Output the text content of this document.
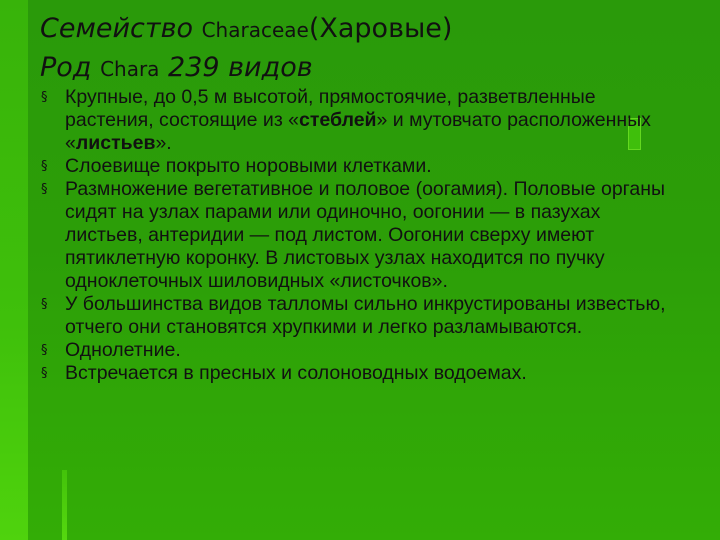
Семейство Characeae(Харовые)
Род Chara 239 видов
§ Крупные, до 0,5 м высотой, прямостоячие, разветвленные растения, состоящие из «стеблей» и мутовчато расположенных «листьев».
§ Слоевище покрыто норовыми клетками.
§ Размножение вегетативное и половое (оогамия). Половые органы сидят на узлах парами или одиночно, оогонии — в пазухах листьев, антеридии — под листом. Оогонии сверху имеют пятиклетную коронку. В листовых узлах находится по пучку одноклеточных шиловидных «листочков».
§ У большинства видов талломы сильно инкрустированы известью, отчего они становятся хрупкими и легко разламываются.
§ Однолетние.
§ Встречается в пресных и солоноводных водоемах.
